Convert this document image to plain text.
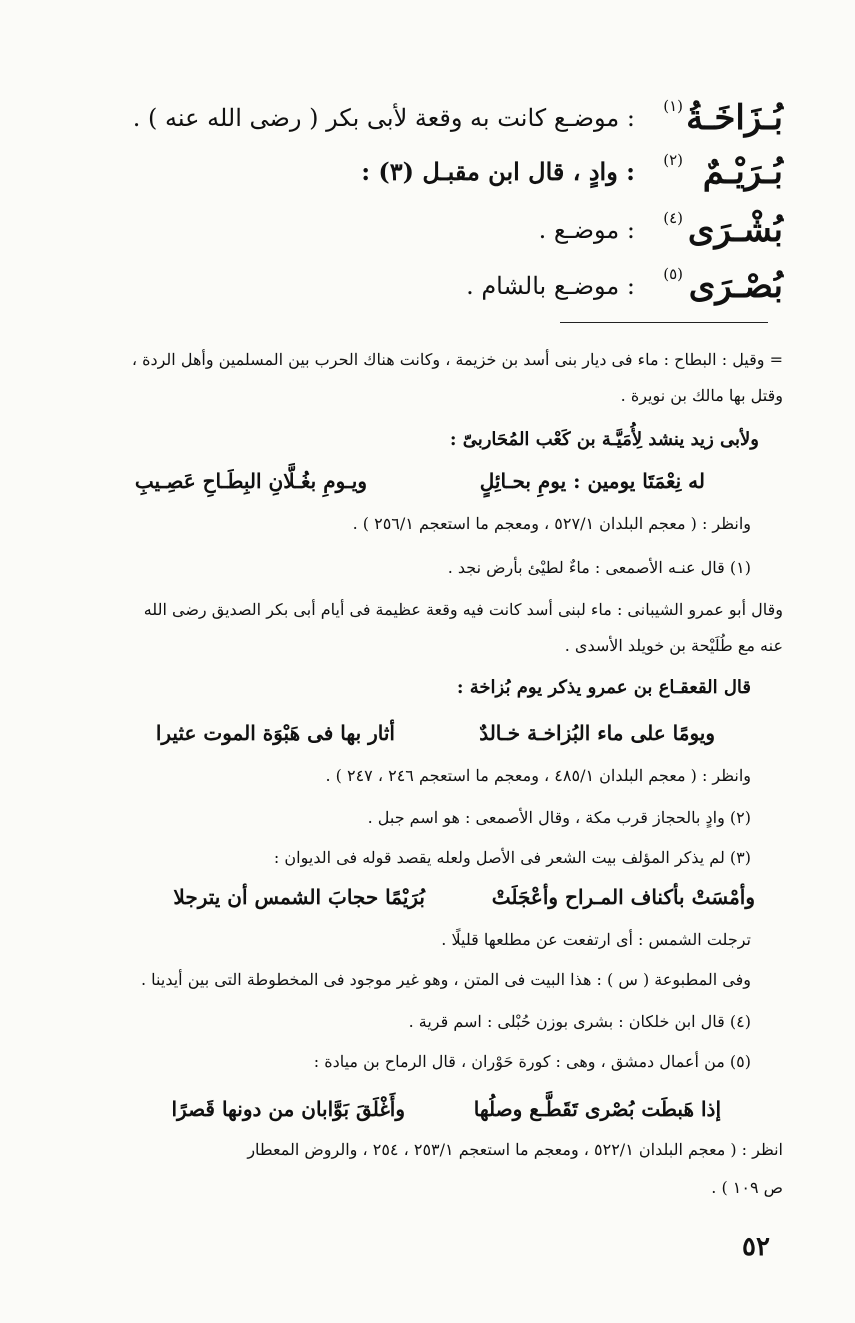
بُـزَاخَـةُ
(١)
: موضـع كانت به وقعة لأبى بكر ( رضى الله عنه ) .
بُـرَيْـمٌ
(٢)
: وادٍ ، قال ابن مقبـل (٣) :
بُشْـرَى
(٤)
: موضـع .
بُصْـرَى
(٥)
: موضـع بالشام .
= وقيل : البطاح : ماء فى ديار بنى أسد بن خزيمة ، وكانت هناك الحرب بين المسلمين وأهل الردة ،
وقتل بها مالك بن نويرة .
ولأبى زيد ينشد لِأُمَيَّـة بن كَعْب المُحَاربىّ :
له نِعْمَتَا يومين : يومِ بحـائِلٍ
ويـومِ بغُـلَّانِ البِطَـاحِ عَصِـيبِ
وانظر : ( معجم البلدان ٥٢٧/١ ، ومعجم ما استعجم ٢٥٦/١ ) .
(١) قال عنـه الأصمعى : ماءٌ لطيْئ بأرض نجد .
وقال أبو عمرو الشيبانى : ماء لبنى أسد كانت فيه وقعة عظيمة فى أيام أبى بكر الصديق رضى الله
عنه مع طُلَيْحة بن خويلد الأسدى .
قال القعقـاع بن عمرو يذكر يوم بُزاخة :
ويومًا على ماء البُزاخـة خـالدٌ
أثار بها فى هَبْوَة الموت عثيرا
وانظر : ( معجم البلدان ٤٨٥/١ ، ومعجم ما استعجم ٢٤٦ ، ٢٤٧ ) .
(٢) وادٍ بالحجاز قرب مكة ، وقال الأصمعى : هو اسم جبل .
(٣) لم يذكر المؤلف بيت الشعر فى الأصل ولعله يقصد قوله فى الديوان :
وأمْسَتْ بأكناف المـراح وأعْجَلَتْ
بُرَيْمًا حجابَ الشمس أن يترجلا
ترجلت الشمس : أى ارتفعت عن مطلعها قليلًا .
وفى المطبوعة ( س ) : هذا البيت فى المتن ، وهو غير موجود فى المخطوطة التى بين أيدينا .
(٤) قال ابن خلكان : بشرى بوزن حُبْلى : اسم قرية .
(٥) من أعمال دمشق ، وهى : كورة حَوْران ، قال الرماح بن ميادة :
إذا هَبطَت بُصْرى تَقَطَّـع وصلُها
وأَغْلَقَ بَوَّابان من دونها قَصرًا
انظر : ( معجم البلدان ٥٢٢/١ ، ومعجم ما استعجم ٢٥٣/١ ، ٢٥٤ ، والروض المعطار
ص ١٠٩ ) .
٥٢
